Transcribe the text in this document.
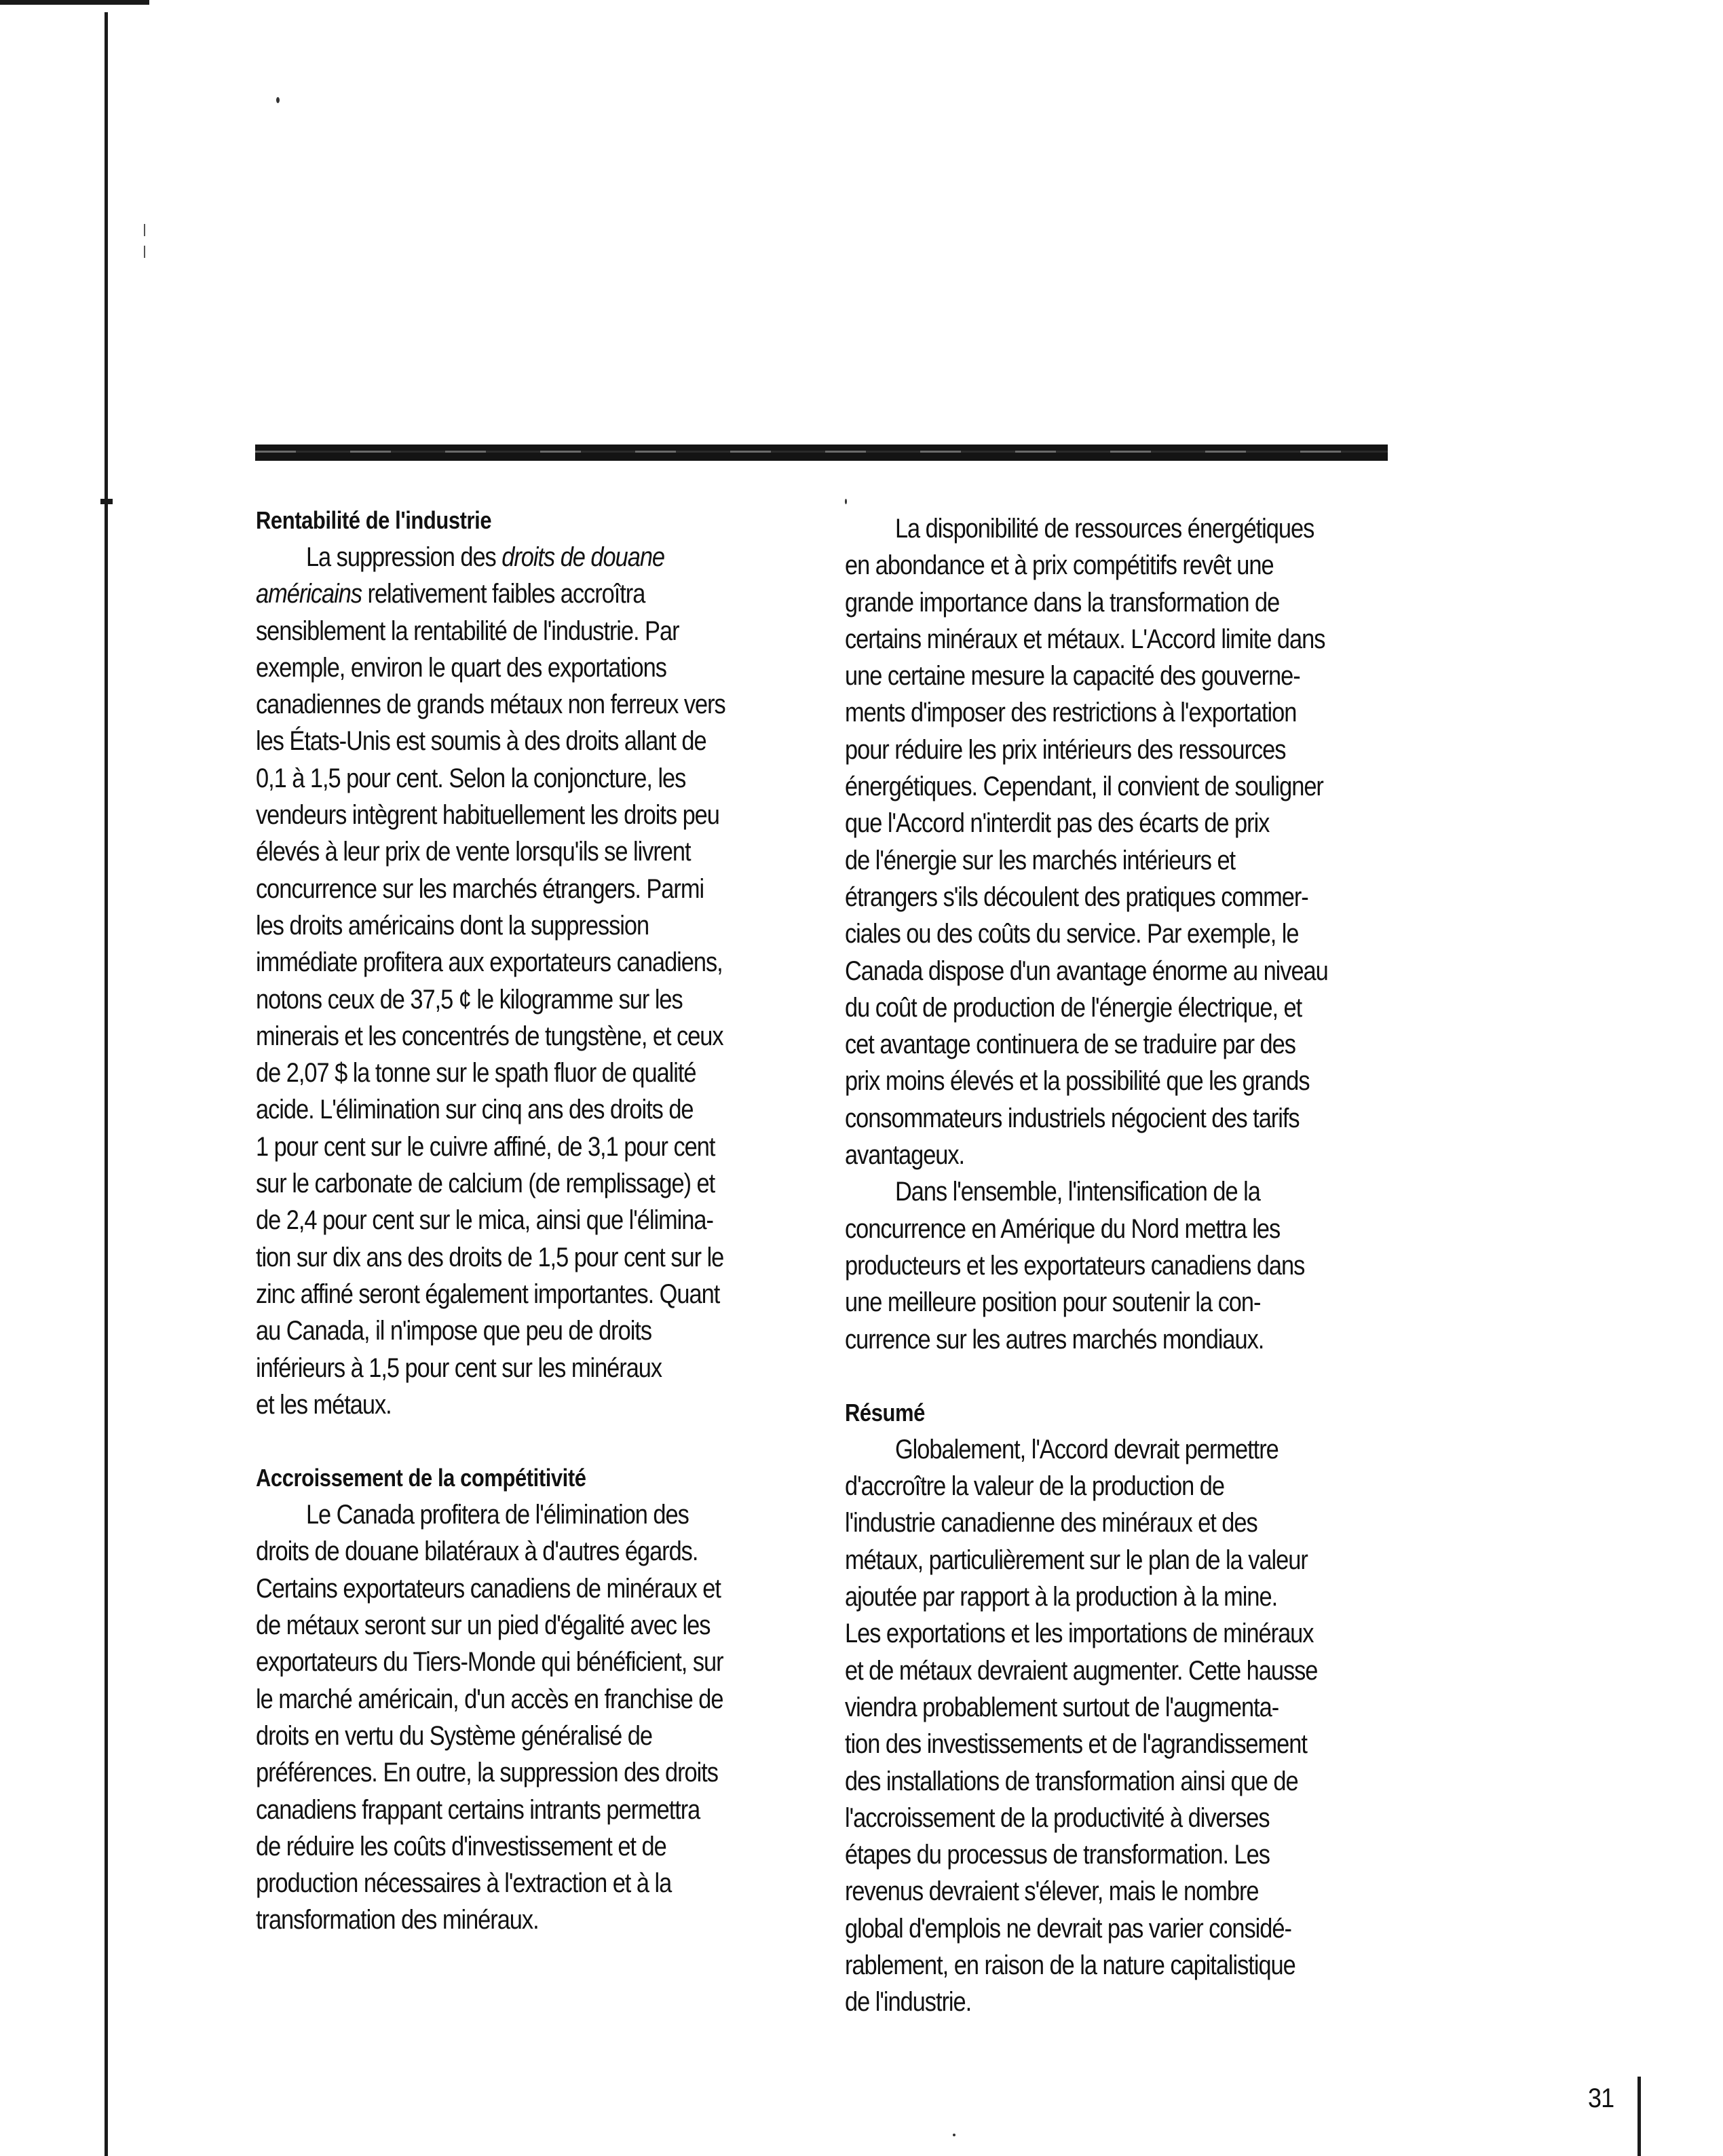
Rentabilité de l'industrie
La suppression des droits de douane
américains relativement faibles accroîtra
sensiblement la rentabilité de l'industrie. Par
exemple, environ le quart des exportations
canadiennes de grands métaux non ferreux vers
les États-Unis est soumis à des droits allant de
0,1 à 1,5 pour cent. Selon la conjoncture, les
vendeurs intègrent habituellement les droits peu
élevés à leur prix de vente lorsqu'ils se livrent
concurrence sur les marchés étrangers. Parmi
les droits américains dont la suppression
immédiate profitera aux exportateurs canadiens,
notons ceux de 37,5 ¢ le kilogramme sur les
minerais et les concentrés de tungstène, et ceux
de 2,07 $ la tonne sur le spath fluor de qualité
acide. L'élimination sur cinq ans des droits de
1 pour cent sur le cuivre affiné, de 3,1 pour cent
sur le carbonate de calcium (de remplissage) et
de 2,4 pour cent sur le mica, ainsi que l'élimina-
tion sur dix ans des droits de 1,5 pour cent sur le
zinc affiné seront également importantes. Quant
au Canada, il n'impose que peu de droits
inférieurs à 1,5 pour cent sur les minéraux
et les métaux.
Accroissement de la compétitivité
Le Canada profitera de l'élimination des
droits de douane bilatéraux à d'autres égards.
Certains exportateurs canadiens de minéraux et
de métaux seront sur un pied d'égalité avec les
exportateurs du Tiers-Monde qui bénéficient, sur
le marché américain, d'un accès en franchise de
droits en vertu du Système généralisé de
préférences. En outre, la suppression des droits
canadiens frappant certains intrants permettra
de réduire les coûts d'investissement et de
production nécessaires à l'extraction et à la
transformation des minéraux.
La disponibilité de ressources énergétiques
en abondance et à prix compétitifs revêt une
grande importance dans la transformation de
certains minéraux et métaux. L'Accord limite dans
une certaine mesure la capacité des gouverne-
ments d'imposer des restrictions à l'exportation
pour réduire les prix intérieurs des ressources
énergétiques. Cependant, il convient de souligner
que l'Accord n'interdit pas des écarts de prix
de l'énergie sur les marchés intérieurs et
étrangers s'ils découlent des pratiques commer-
ciales ou des coûts du service. Par exemple, le
Canada dispose d'un avantage énorme au niveau
du coût de production de l'énergie électrique, et
cet avantage continuera de se traduire par des
prix moins élevés et la possibilité que les grands
consommateurs industriels négocient des tarifs
avantageux.
Dans l'ensemble, l'intensification de la
concurrence en Amérique du Nord mettra les
producteurs et les exportateurs canadiens dans
une meilleure position pour soutenir la con-
currence sur les autres marchés mondiaux.
Résumé
Globalement, l'Accord devrait permettre
d'accroître la valeur de la production de
l'industrie canadienne des minéraux et des
métaux, particulièrement sur le plan de la valeur
ajoutée par rapport à la production à la mine.
Les exportations et les importations de minéraux
et de métaux devraient augmenter. Cette hausse
viendra probablement surtout de l'augmenta-
tion des investissements et de l'agrandissement
des installations de transformation ainsi que de
l'accroissement de la productivité à diverses
étapes du processus de transformation. Les
revenus devraient s'élever, mais le nombre
global d'emplois ne devrait pas varier considé-
rablement, en raison de la nature capitalistique
de l'industrie.
31
